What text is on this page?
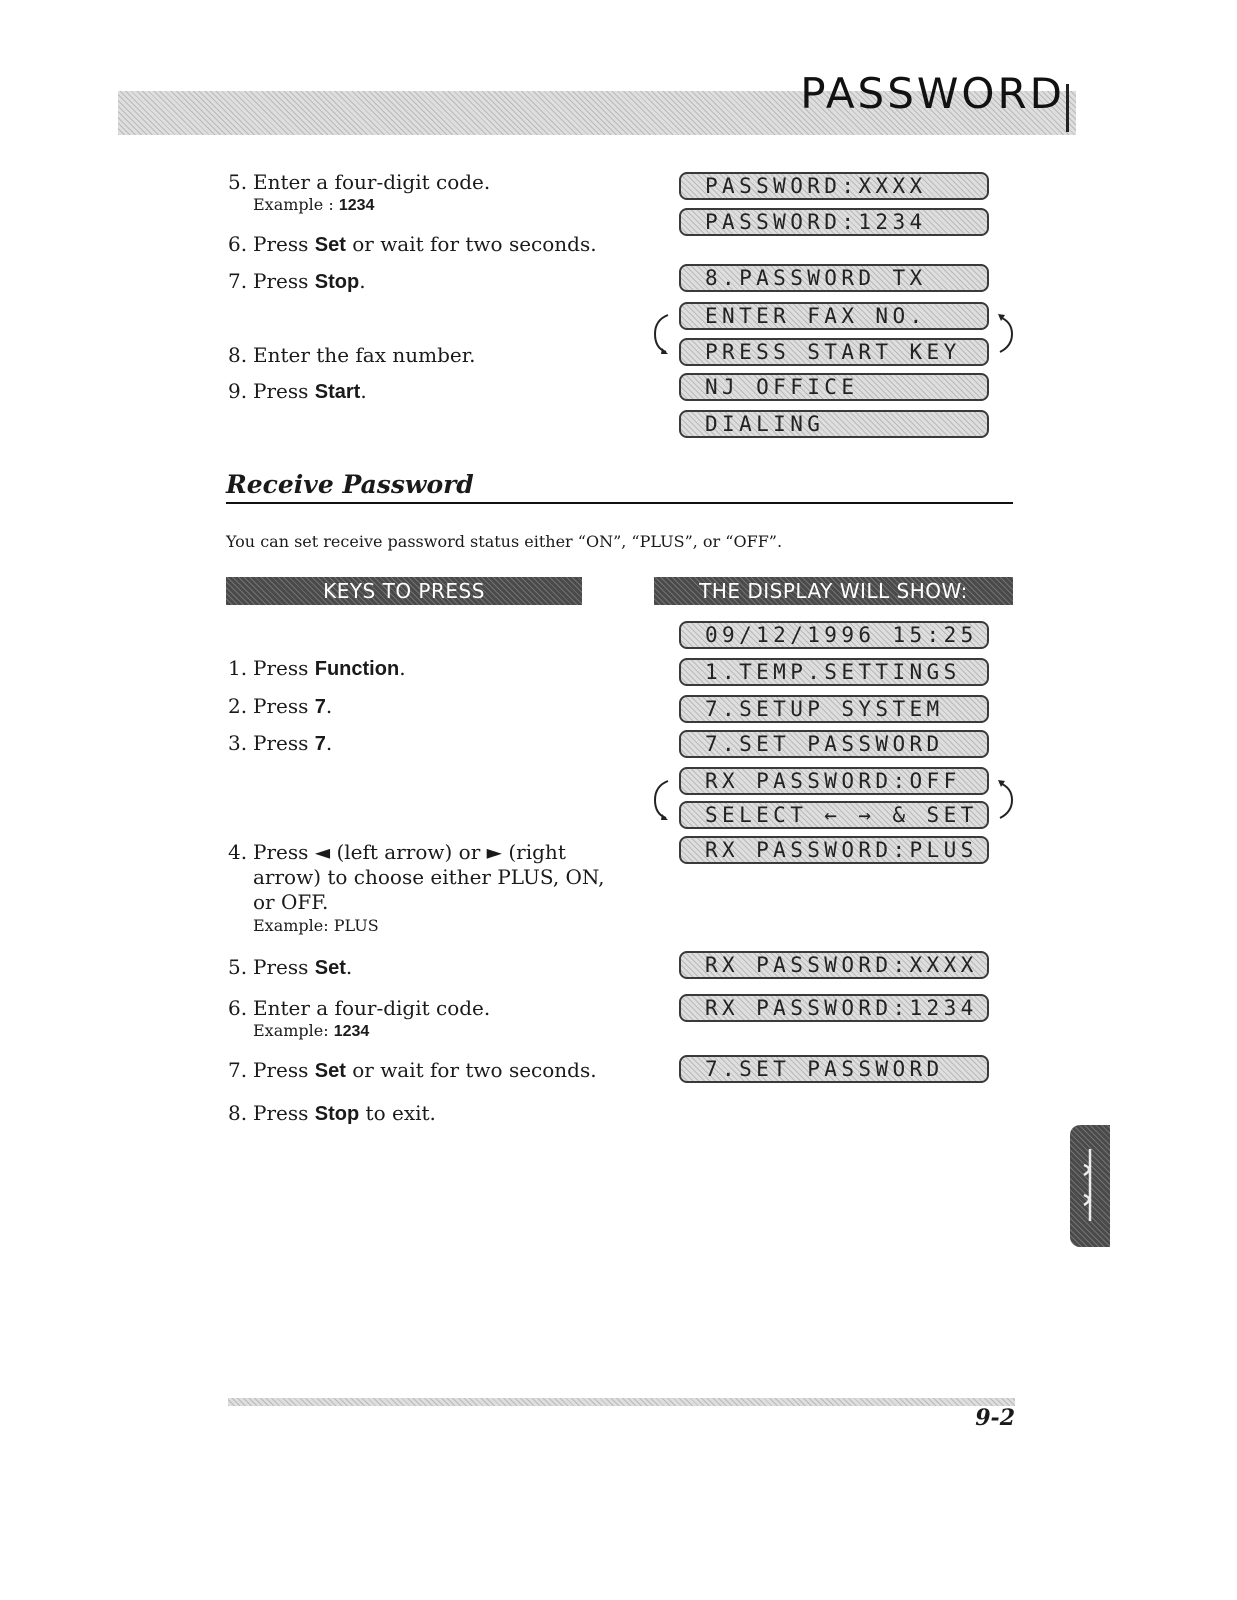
PASSWORD
5. Enter a four-digit code.
Example : 1234
6. Press Set or wait for two seconds.
7. Press Stop.
8. Enter the fax number.
9. Press Start.
PASSWORD:XXXX
PASSWORD:1234
8.PASSWORD TX
ENTER FAX NO.
PRESS START KEY
NJ OFFICE
DIALING
Receive Password
You can set receive password status either “ON”, “PLUS”, or “OFF”.
KEYS TO PRESS	THE DISPLAY WILL SHOW:
1. Press Function.
2. Press 7.
3. Press 7.
4. Press ◄ (left arrow) or ► (right
arrow) to choose either PLUS, ON,
or OFF.
Example: PLUS
5. Press Set.
6. Enter a four-digit code.
Example: 1234
7. Press Set or wait for two seconds.
8. Press Stop to exit.
09/12/1996 15:25
1.TEMP.SETTINGS
7.SETUP SYSTEM
7.SET PASSWORD
RX PASSWORD:OFF
SELECT ← → & SET
RX PASSWORD:PLUS
RX PASSWORD:XXXX
RX PASSWORD:1234
7.SET PASSWORD
9-2
